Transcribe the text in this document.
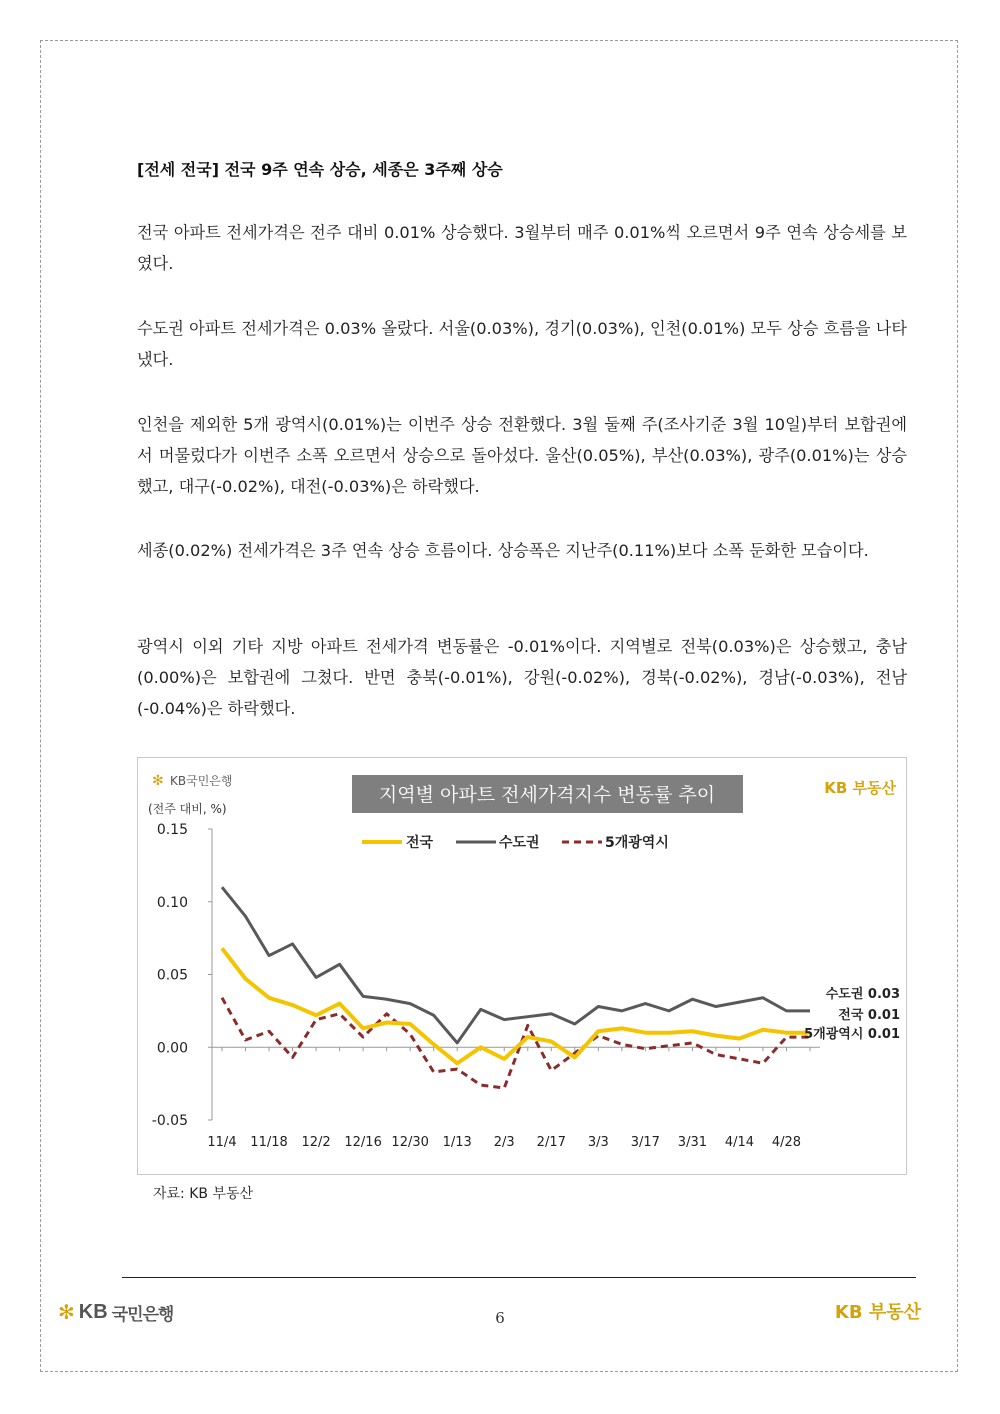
[전세 전국] 전국 9주 연속 상승, 세종은 3주째 상승

전국 아파트 전세가격은 전주 대비 0.01% 상승했다. 3월부터 매주 0.01%씩 오르면서 9주 연속 상승세를 보였다.

수도권 아파트 전세가격은 0.03% 올랐다. 서울(0.03%), 경기(0.03%), 인천(0.01%) 모두 상승 흐름을 나타냈다.

인천을 제외한 5개 광역시(0.01%)는 이번주 상승 전환했다. 3월 둘째 주(조사기준 3월 10일)부터 보합권에서 머물렀다가 이번주 소폭 오르면서 상승으로 돌아섰다. 울산(0.05%), 부산(0.03%), 광주(0.01%)는 상승했고, 대구(-0.02%), 대전(-0.03%)은 하락했다.

세종(0.02%) 전세가격은 3주 연속 상승 흐름이다. 상승폭은 지난주(0.11%)보다 소폭 둔화한 모습이다.

광역시 이외 기타 지방 아파트 전세가격 변동률은 -0.01%이다. 지역별로 전북(0.03%)은 상승했고, 충남(0.00%)은 보합권에 그쳤다. 반면 충북(-0.01%), 강원(-0.02%), 경북(-0.02%), 경남(-0.03%), 전남(-0.04%)은 하락했다.

✻ KB국민은행
지역별 아파트 전세가격지수 변동률 추이	KB 부동산
(전주 대비, %)
0.15
0.10
0.05
0.00
-0.05
11/4 11/18 12/2 12/16 12/30 1/13 2/3 2/17 3/3 3/17 3/31 4/14 4/28
전국	수도권	5개광역시
수도권 0.03
전국 0.01
5개광역시 0.01
자료: KB 부동산
✻ KB 국민은행	6	KB 부동산
